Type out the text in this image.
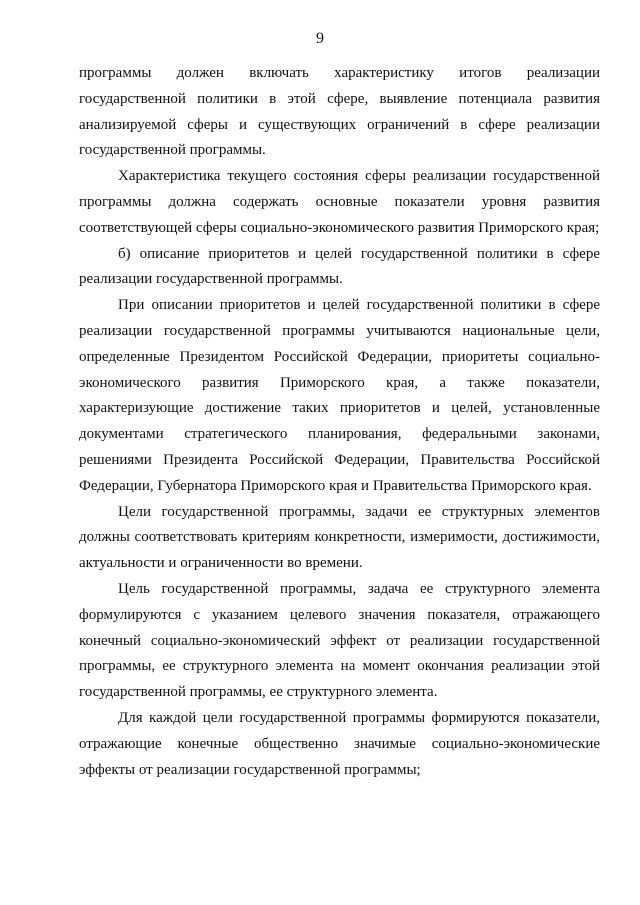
9

программы должен включать характеристику итогов реализации государственной политики в этой сфере, выявление потенциала развития анализируемой сферы и существующих ограничений в сфере реализации государственной программы.

Характеристика текущего состояния сферы реализации государственной программы должна содержать основные показатели уровня развития соответствующей сферы социально-экономического развития Приморского края;

б) описание приоритетов и целей государственной политики в сфере реализации государственной программы.

При описании приоритетов и целей государственной политики в сфере реализации государственной программы учитываются национальные цели, определенные Президентом Российской Федерации, приоритеты социально-экономического развития Приморского края, а также показатели, характеризующие достижение таких приоритетов и целей, установленные документами стратегического планирования, федеральными законами, решениями Президента Российской Федерации, Правительства Российской Федерации, Губернатора Приморского края и Правительства Приморского края.

Цели государственной программы, задачи ее структурных элементов должны соответствовать критериям конкретности, измеримости, достижимости, актуальности и ограниченности во времени.

Цель государственной программы, задача ее структурного элемента формулируются с указанием целевого значения показателя, отражающего конечный социально-экономический эффект от реализации государственной программы, ее структурного элемента на момент окончания реализации этой государственной программы, ее структурного элемента.

Для каждой цели государственной программы формируются показатели, отражающие конечные общественно значимые социально-экономические эффекты от реализации государственной программы;
